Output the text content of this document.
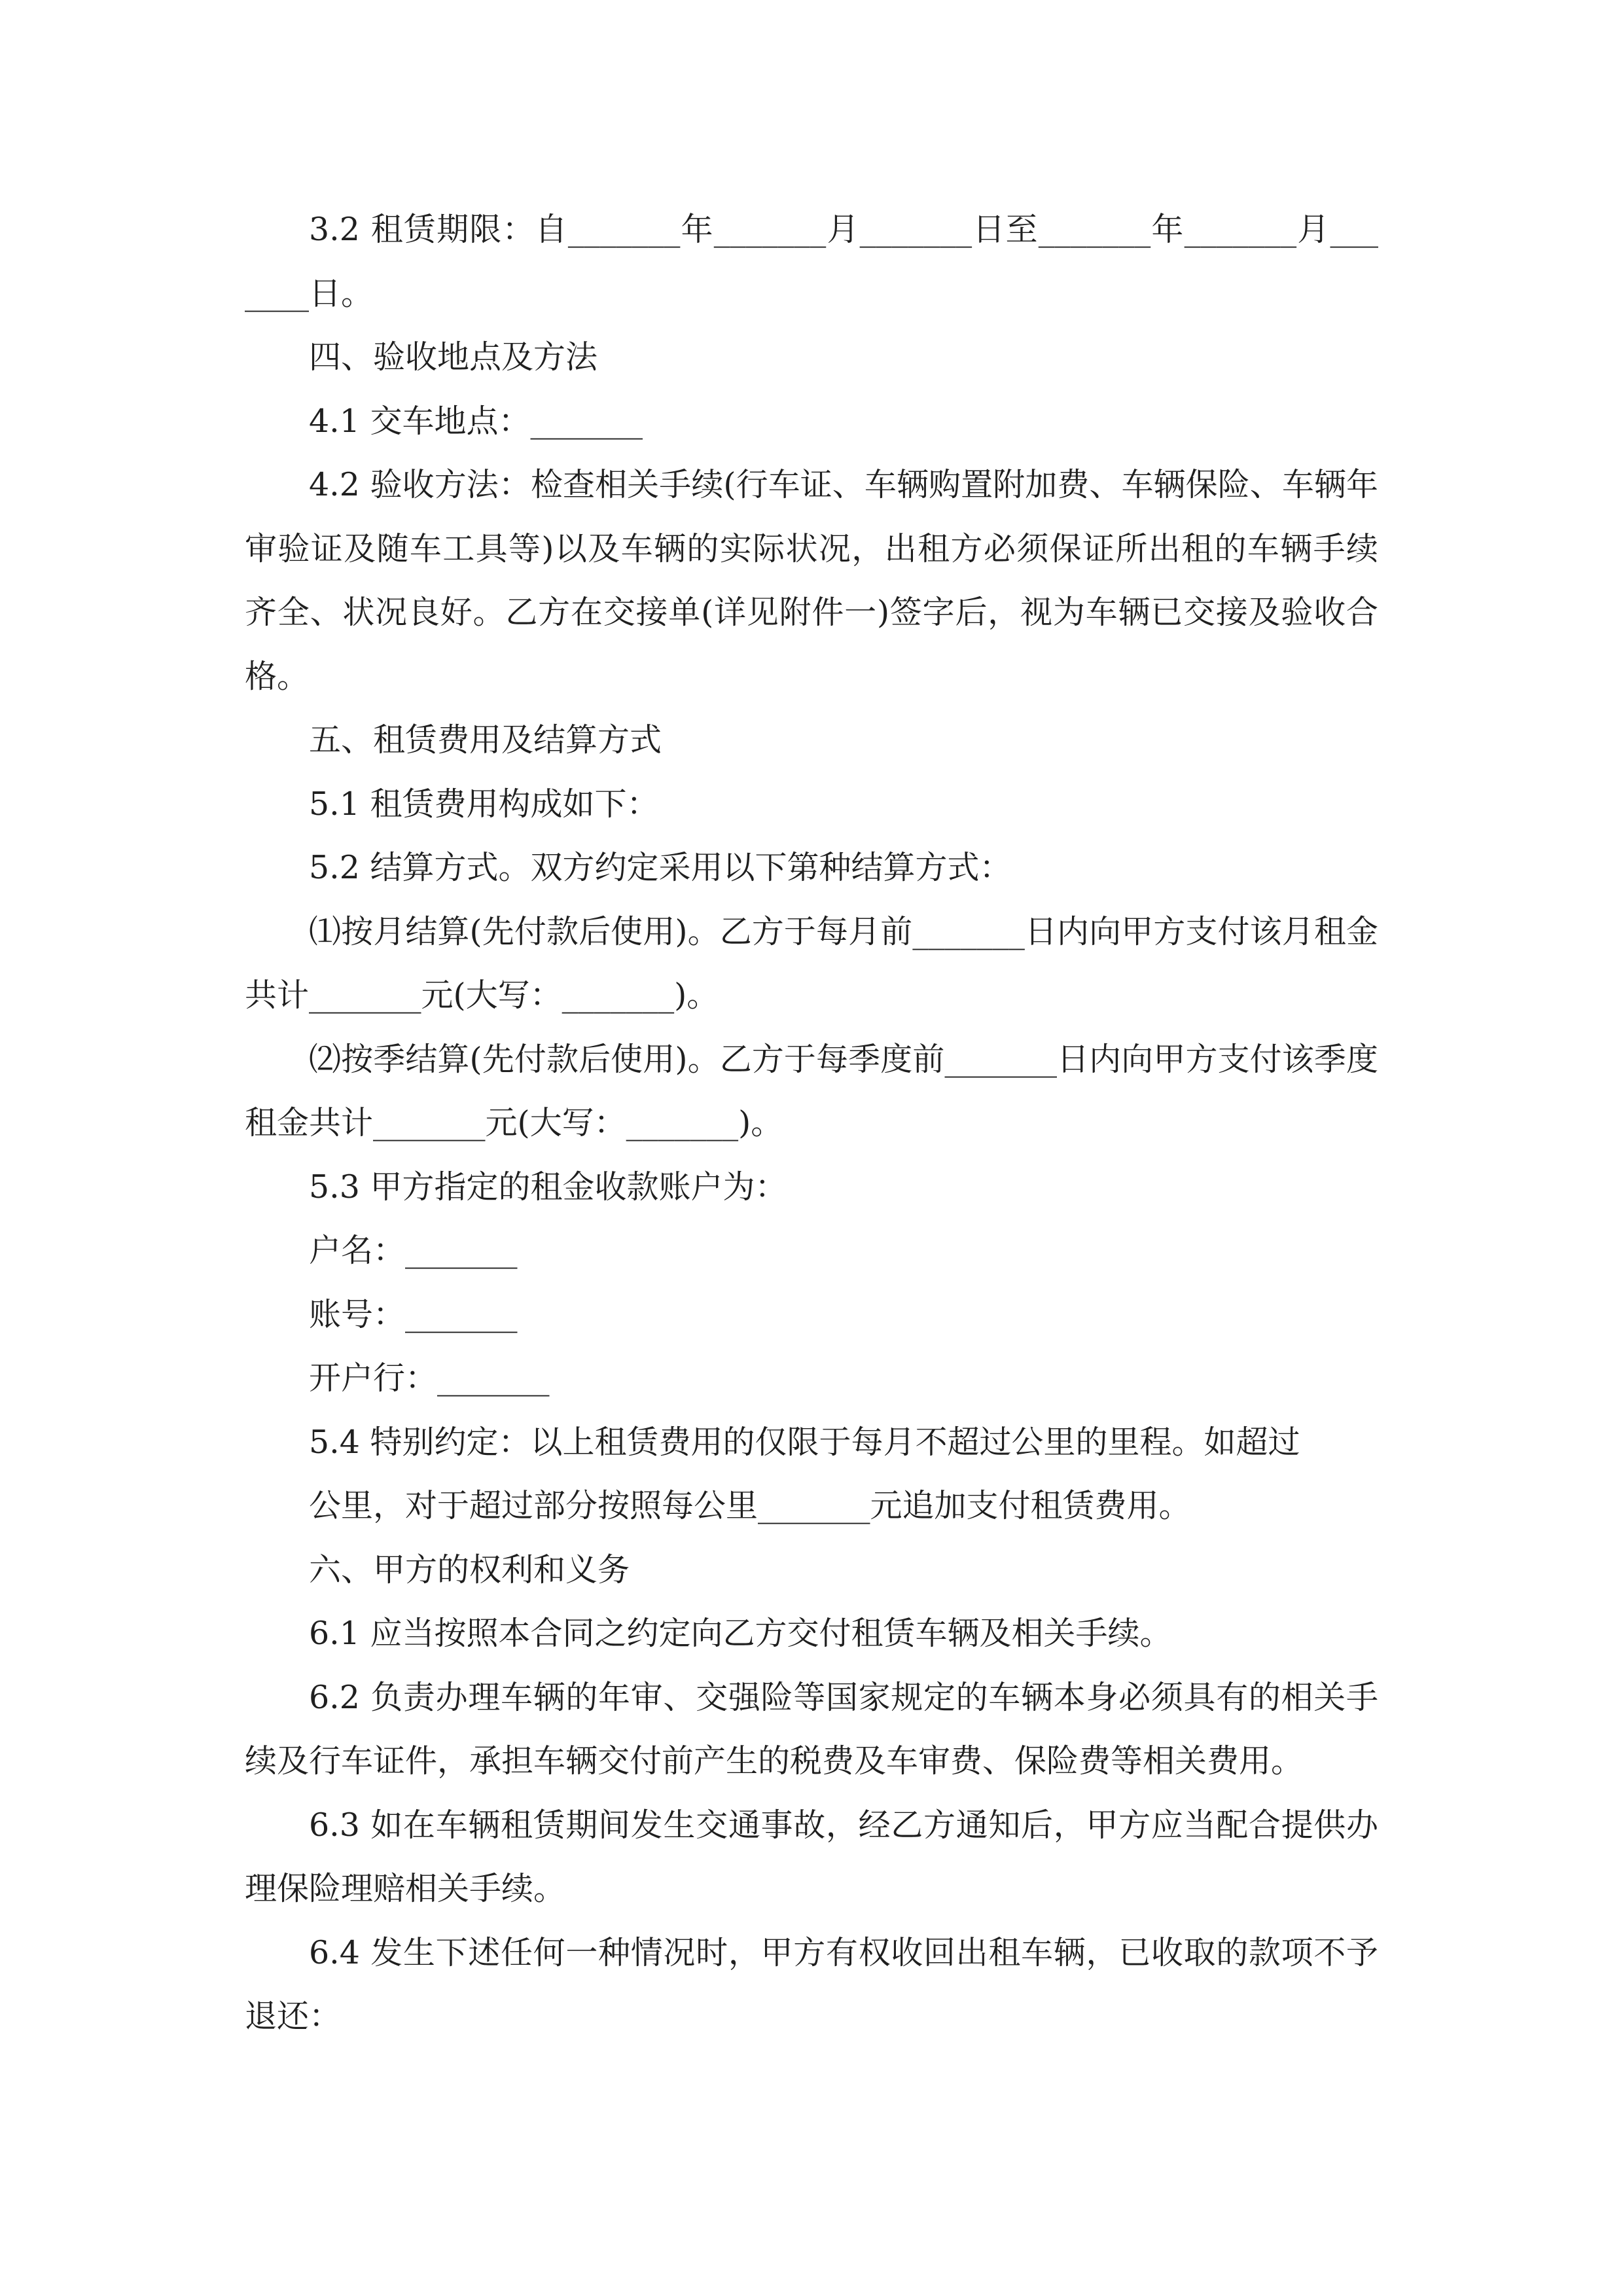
3.2 租赁期限：自_______年_______月_______日至_______年_______月_______日。

四、验收地点及方法

4.1 交车地点：_______

4.2 验收方法：检查相关手续(行车证、车辆购置附加费、车辆保险、车辆年审验证及随车工具等)以及车辆的实际状况，出租方必须保证所出租的车辆手续齐全、状况良好。乙方在交接单(详见附件一)签字后，视为车辆已交接及验收合格。

五、租赁费用及结算方式

5.1 租赁费用构成如下：

5.2 结算方式。双方约定采用以下第种结算方式：

⑴按月结算(先付款后使用)。乙方于每月前_______日内向甲方支付该月租金共计_______元(大写：_______)。

⑵按季结算(先付款后使用)。乙方于每季度前_______日内向甲方支付该季度租金共计_______元(大写：_______)。

5.3 甲方指定的租金收款账户为：

户名：_______

账号：_______

开户行：_______

5.4 特别约定：以上租赁费用的仅限于每月不超过公里的里程。如超过

公里，对于超过部分按照每公里_______元追加支付租赁费用。

六、甲方的权利和义务

6.1 应当按照本合同之约定向乙方交付租赁车辆及相关手续。

6.2 负责办理车辆的年审、交强险等国家规定的车辆本身必须具有的相关手续及行车证件，承担车辆交付前产生的税费及车审费、保险费等相关费用。

6.3 如在车辆租赁期间发生交通事故，经乙方通知后，甲方应当配合提供办理保险理赔相关手续。

6.4 发生下述任何一种情况时，甲方有权收回出租车辆，已收取的款项不予退还：
